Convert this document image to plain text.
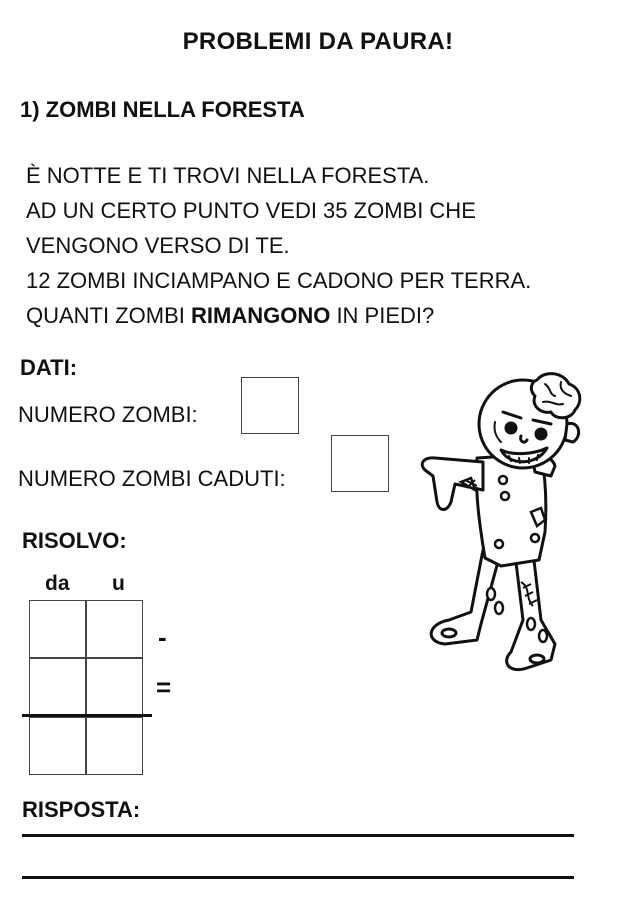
PROBLEMI DA PAURA!
1) ZOMBI NELLA FORESTA
È NOTTE E TI TROVI NELLA FORESTA.
AD UN CERTO PUNTO VEDI 35 ZOMBI CHE
VENGONO VERSO DI TE.
12 ZOMBI INCIAMPANO E CADONO PER TERRA.
QUANTI ZOMBI RIMANGONO IN PIEDI?
DATI:
NUMERO ZOMBI:
NUMERO ZOMBI CADUTI:
RISOLVO:
da u
-
=
RISPOSTA:
